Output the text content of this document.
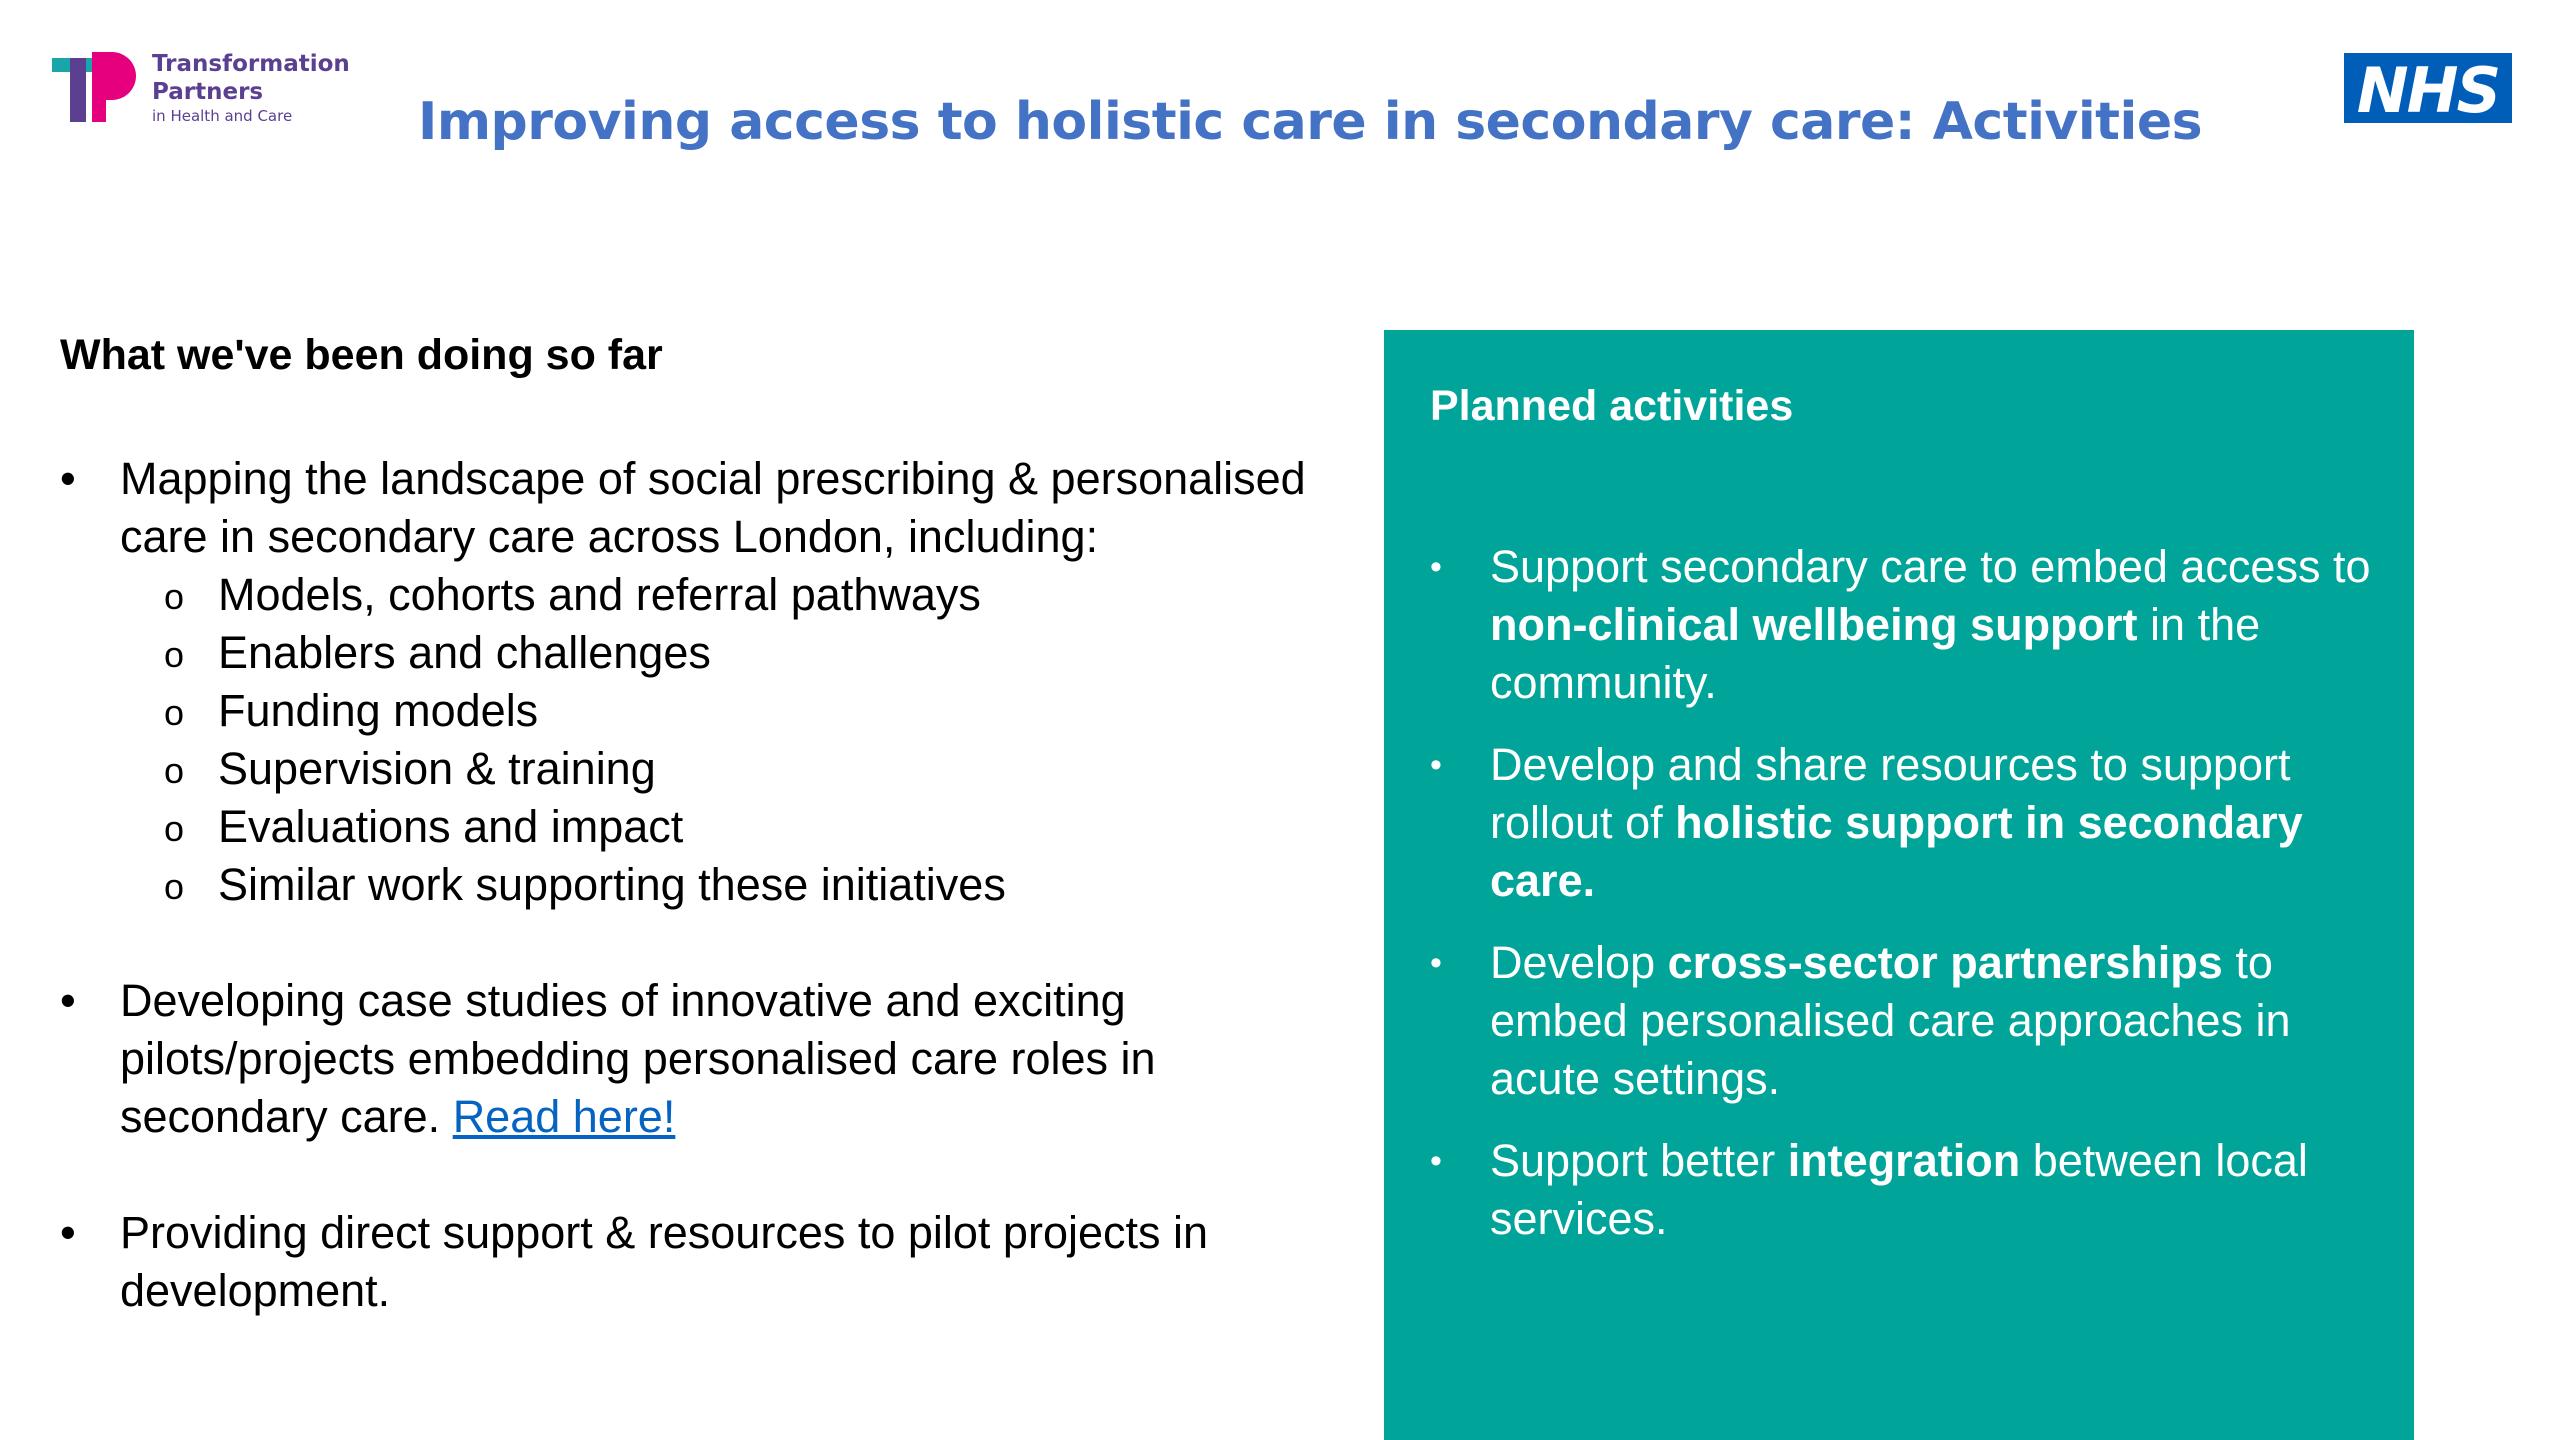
Transformation
Partners
in Health and Care	Improving access to holistic care in secondary care: Activities NHS
What we've been doing so far
• Mapping the landscape of social prescribing & personalised care in secondary care across London, including:
o Models, cohorts and referral pathways
o Enablers and challenges
o Funding models
o Supervision & training
o Evaluations and impact
o Similar work supporting these initiatives
• Developing case studies of innovative and exciting pilots/projects embedding personalised care roles in secondary care. Read here!
• Providing direct support & resources to pilot projects in development.
Planned activities
• Support secondary care to embed access to non-clinical wellbeing support in the community.
• Develop and share resources to support rollout of holistic support in secondary care.
• Develop cross-sector partnerships to embed personalised care approaches in acute settings.
• Support better integration between local services.
